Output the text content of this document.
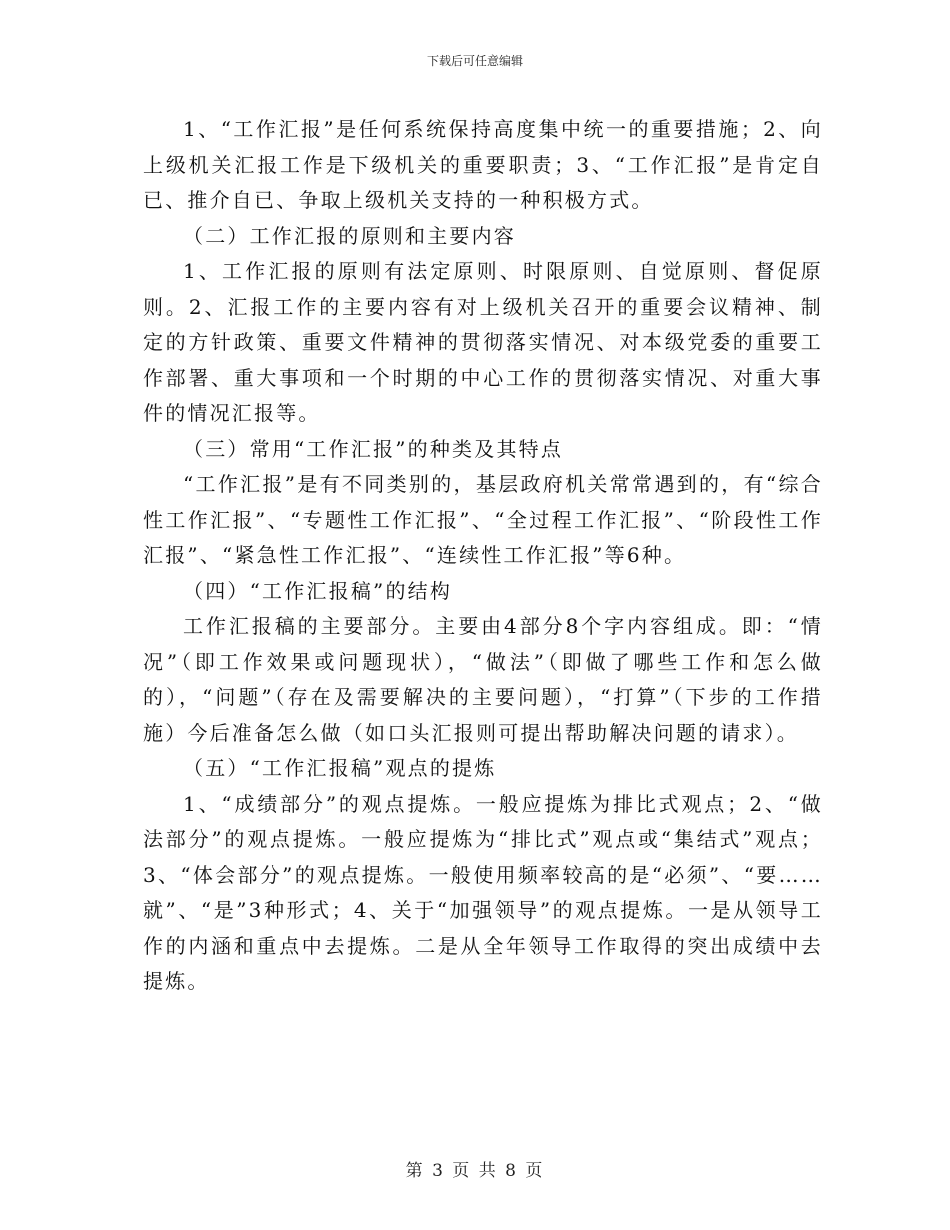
下载后可任意编辑

1、“工作汇报”是任何系统保持高度集中统一的重要措施；2、向上级机关汇报工作是下级机关的重要职责；3、“工作汇报”是肯定自已、推介自已、争取上级机关支持的一种积极方式。

（二）工作汇报的原则和主要内容

1、工作汇报的原则有法定原则、时限原则、自觉原则、督促原则。2、汇报工作的主要内容有对上级机关召开的重要会议精神、制定的方针政策、重要文件精神的贯彻落实情况、对本级党委的重要工作部署、重大事项和一个时期的中心工作的贯彻落实情况、对重大事件的情况汇报等。

（三）常用“工作汇报”的种类及其特点

“工作汇报”是有不同类别的，基层政府机关常常遇到的，有“综合性工作汇报”、“专题性工作汇报”、“全过程工作汇报”、“阶段性工作汇报”、“紧急性工作汇报”、“连续性工作汇报”等6种。

（四）“工作汇报稿”的结构

工作汇报稿的主要部分。主要由4部分8个字内容组成。即：“情况”（即工作效果或问题现状），“做法”（即做了哪些工作和怎么做的），“问题”（存在及需要解决的主要问题），“打算”（下步的工作措施）今后准备怎么做（如口头汇报则可提出帮助解决问题的请求）。

（五）“工作汇报稿”观点的提炼

1、“成绩部分”的观点提炼。一般应提炼为排比式观点；2、“做法部分”的观点提炼。一般应提炼为“排比式”观点或“集结式”观点；3、“体会部分”的观点提炼。一般使用频率较高的是“必须”、“要……就”、“是”3种形式；4、关于“加强领导”的观点提炼。一是从领导工作的内涵和重点中去提炼。二是从全年领导工作取得的突出成绩中去提炼。

第 3 页 共 8 页
